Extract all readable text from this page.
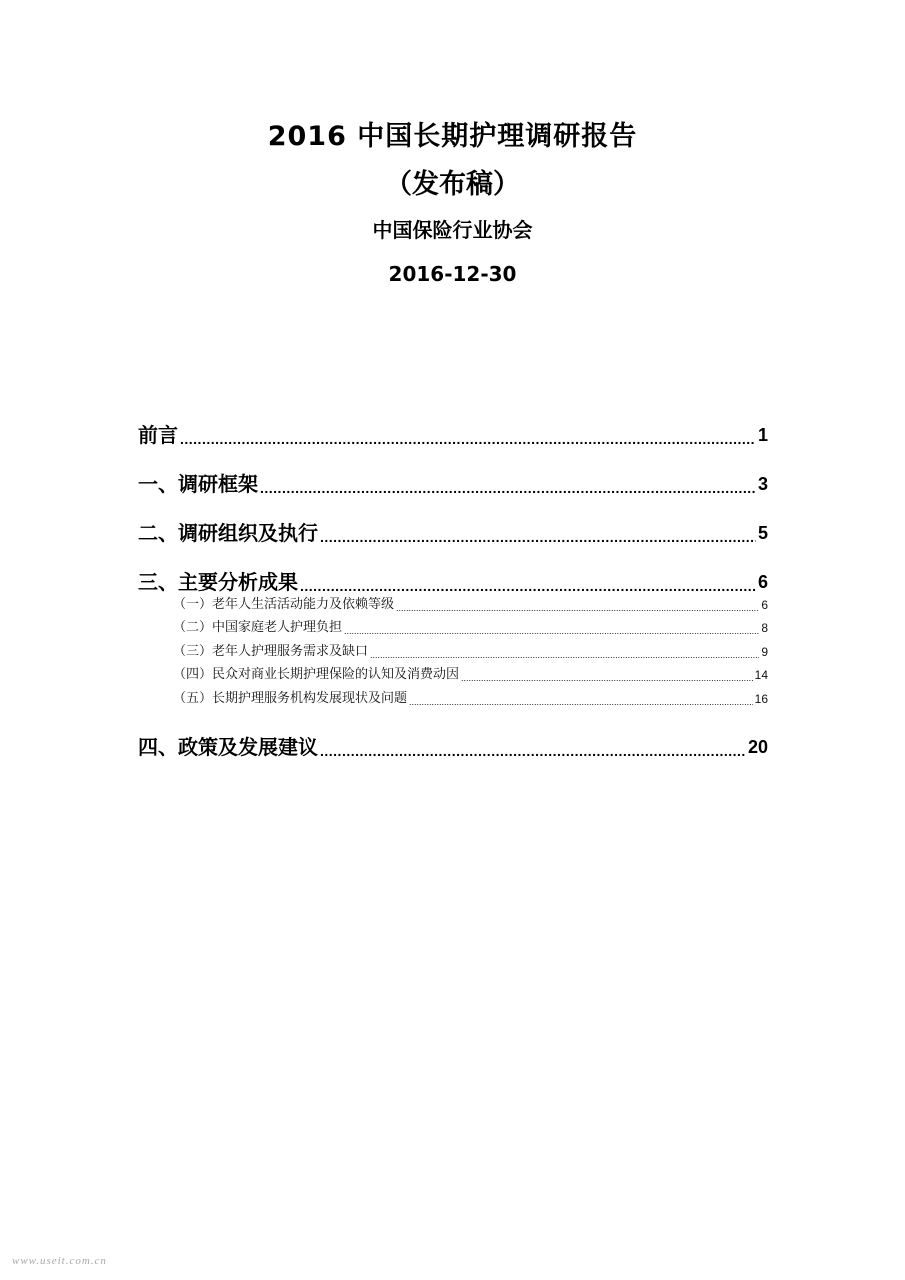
2016 中国长期护理调研报告
（发布稿）
中国保险行业协会
2016-12-30
前言 .....	1
一、调研框架 .....	3
二、调研组织及执行 .....	5
三、主要分析成果 .....	6
（一）老年人生活活动能力及依赖等级 .....	6
（二）中国家庭老人护理负担 .....	8
（三）老年人护理服务需求及缺口 .....	9
（四）民众对商业长期护理保险的认知及消费动因 .....	14
（五）长期护理服务机构发展现状及问题 .....	16
四、政策及发展建议 .....	20
www.useit.com.cn
